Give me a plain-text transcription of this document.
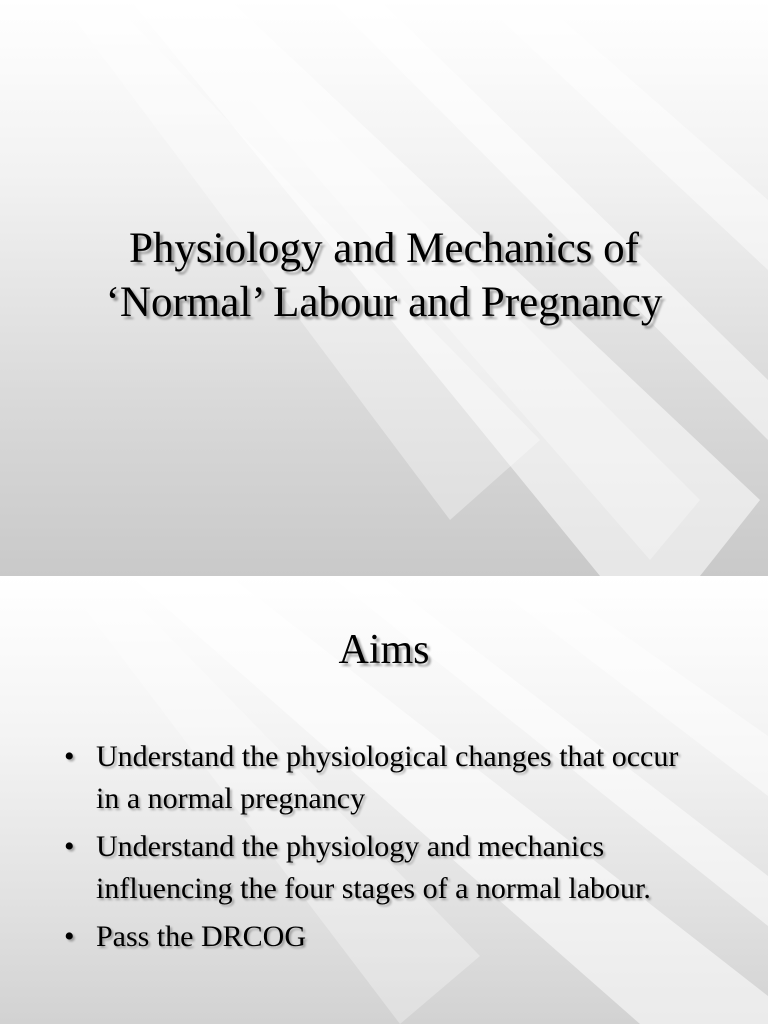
Physiology and Mechanics of
‘Normal’ Labour and Pregnancy
Aims
• Understand the physiological changes that occur in a normal pregnancy
• Understand the physiology and mechanics influencing the four stages of a normal labour.
• Pass the DRCOG
